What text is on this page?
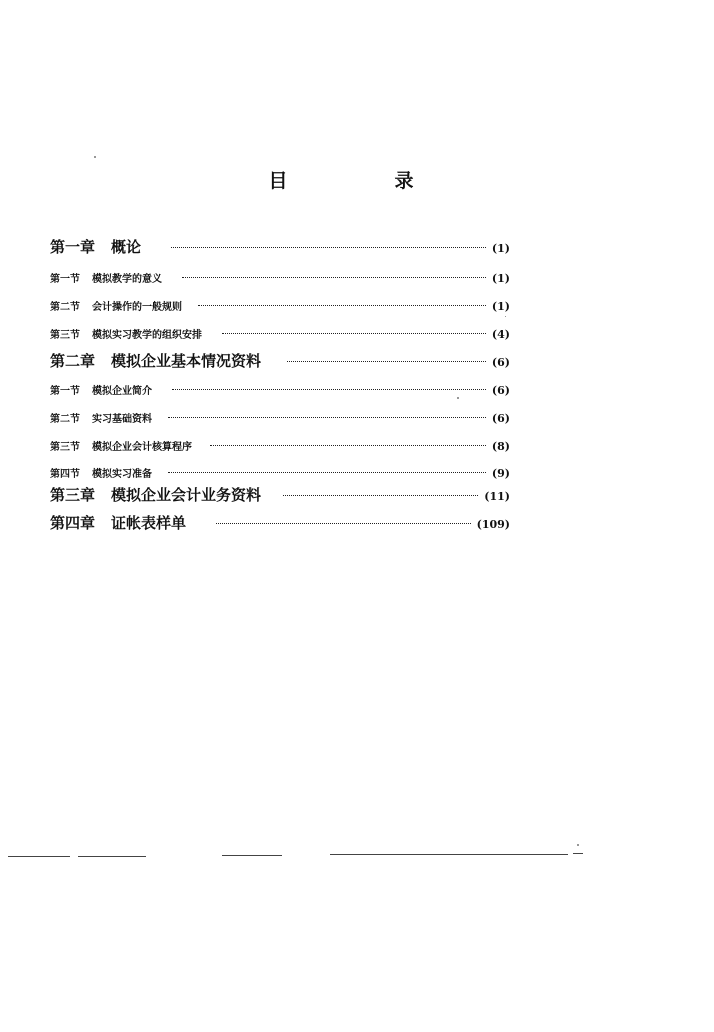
目　录
第一章 概论	(1)
第一节 模拟教学的意义	(1)
第二节 会计操作的一般规则	(1)
第三节 模拟实习教学的组织安排	(4)
第二章 模拟企业基本情况资料	(6)
第一节 模拟企业简介	(6)
第二节 实习基础资料	(6)
第三节 模拟企业会计核算程序	(8)
第四节 模拟实习准备	(9)
第三章 模拟企业会计业务资料	(11)
第四章 证帐表样单	(109)
